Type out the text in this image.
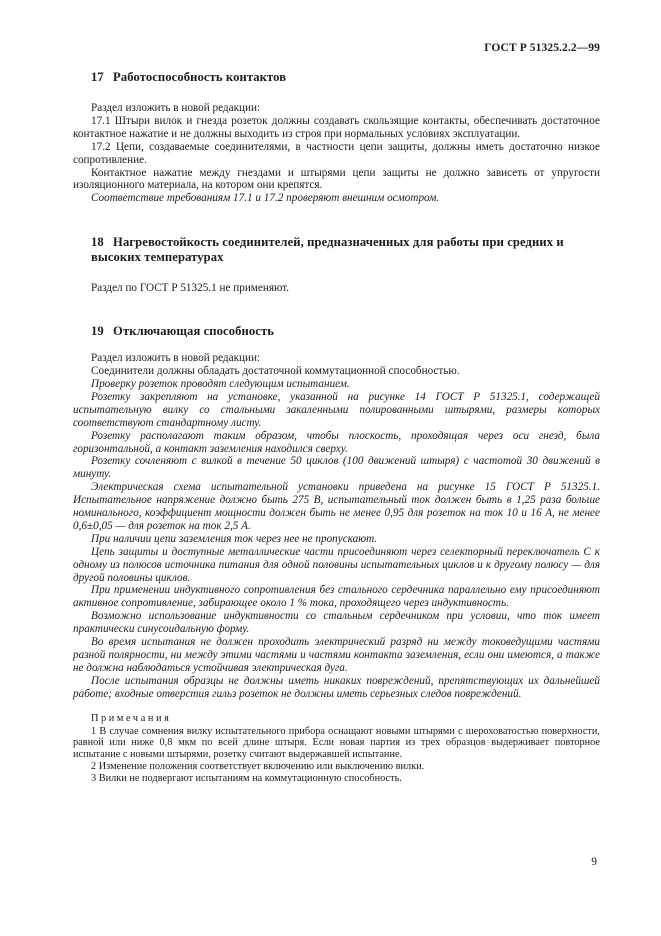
ГОСТ Р 51325.2.2—99
17 Работоспособность контактов

Раздел изложить в новой редакции:

17.1 Штыри вилок и гнезда розеток должны создавать скользящие контакты, обеспечивать достаточное контактное нажатие и не должны выходить из строя при нормальных условиях эксплуатации.

17.2 Цепи, создаваемые соединителями, в частности цепи защиты, должны иметь достаточно низкое сопротивление.

Контактное нажатие между гнездами и штырями цепи защиты не должно зависеть от упругости изоляционного материала, на котором они крепятся.

Соответствие требованиям 17.1 и 17.2 проверяют внешним осмотром.

18 Нагревостойкость соединителей, предназначенных для работы при средних и высоких температурах

Раздел по ГОСТ Р 51325.1 не применяют.

19 Отключающая способность

Раздел изложить в новой редакции:

Соединители должны обладать достаточной коммутационной способностью.

Проверку розеток проводят следующим испытанием.

Розетку закрепляют на установке, указанной на рисунке 14 ГОСТ Р 51325.1, содержащей испытательную вилку со стальными закаленными полированными штырями, размеры которых соответствуют стандартному листу.

Розетку располагают таким образом, чтобы плоскость, проходящая через оси гнезд, была горизонтальной, а контакт заземления находился сверху.

Розетку сочленяют с вилкой в течение 50 циклов (100 движений штыря) с частотой 30 движений в минуту.

Электрическая схема испытательной установки приведена на рисунке 15 ГОСТ Р 51325.1. Испытательное напряжение должно быть 275 В, испытательный ток должен быть в 1,25 раза больше номинального, коэффициент мощности должен быть не менее 0,95 для розеток на ток 10 и 16 А, не менее 0,6±0,05 — для розеток на ток 2,5 А.

При наличии цепи заземления ток через нее не пропускают.

Цепь защиты и доступные металлические части присоединяют через селекторный переключатель С к одному из полюсов источника питания для одной половины испытательных циклов и к другому полюсу — для другой половины циклов.

При применении индуктивного сопротивления без стального сердечника параллельно ему присоединяют активное сопротивление, забирающее около 1 % тока, проходящего через индуктивность.

Возможно использование индуктивности со стальным сердечником при условии, что ток имеет практически синусоидальную форму.

Во время испытания не должен проходить электрический разряд ни между токоведущими частями разной полярности, ни между этими частями и частями контакта заземления, если они имеются, а также не должна наблюдаться устойчивая электрическая дуга.

После испытания образцы не должны иметь никаких повреждений, препятствующих их дальнейшей работе; входные отверстия гильз розеток не должны иметь серьезных следов повреждений.

Примечания

1 В случае сомнения вилку испытательного прибора оснащают новыми штырями с шероховатостью поверхности, равной или ниже 0,8 мкм по всей длине штыря. Если новая партия из трех образцов выдерживает повторное испытание с новыми штырями, розетку считают выдержавшей испытание.

2 Изменение положения соответствует включению или выключению вилки.

3 Вилки не подвергают испытаниям на коммутационную способность.

9
